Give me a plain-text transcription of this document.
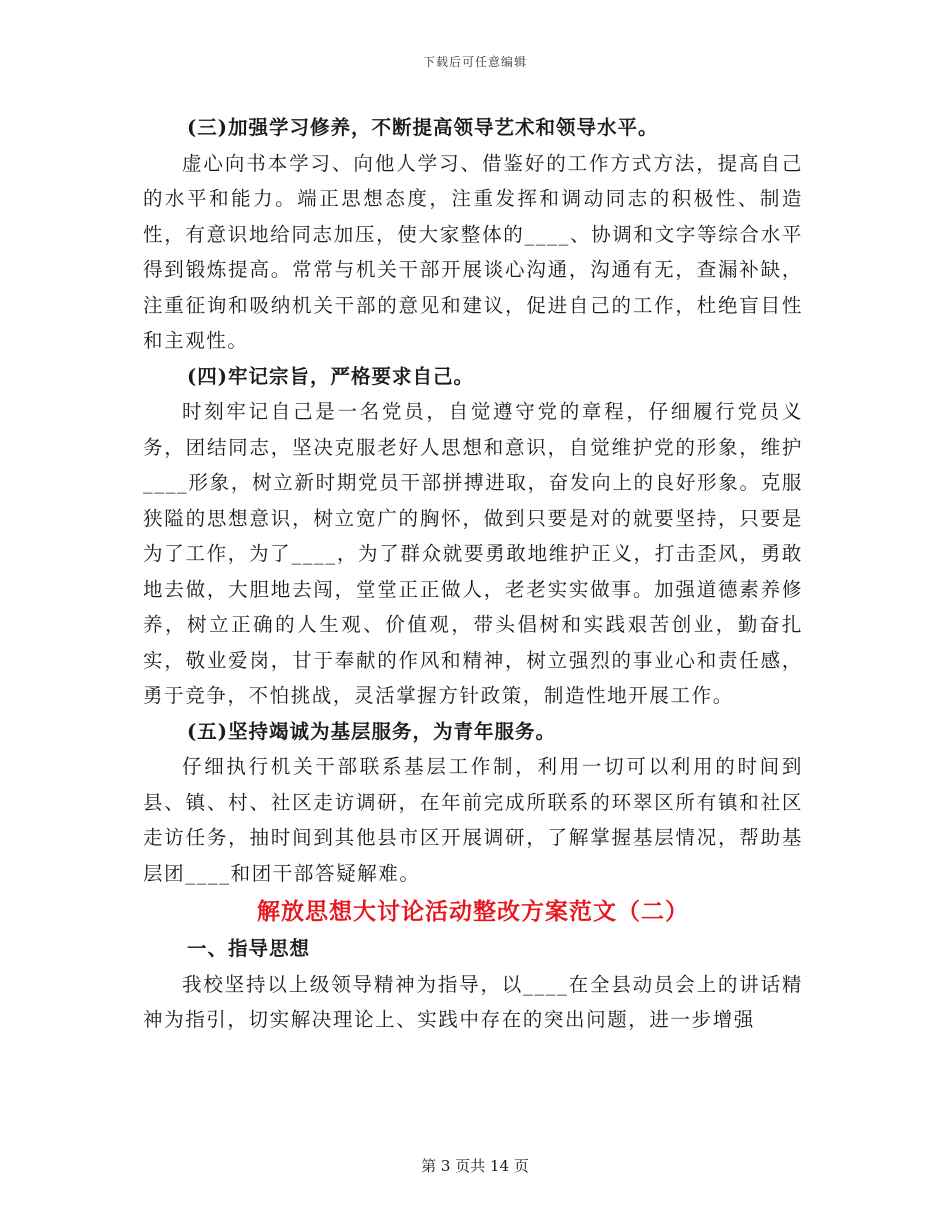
下载后可任意编辑

(三)加强学习修养，不断提高领导艺术和领导水平。

虚心向书本学习、向他人学习、借鉴好的工作方式方法，提高自己的水平和能力。端正思想态度，注重发挥和调动同志的积极性、制造性，有意识地给同志加压，使大家整体的____、协调和文字等综合水平得到锻炼提高。常常与机关干部开展谈心沟通，沟通有无，查漏补缺，注重征询和吸纳机关干部的意见和建议，促进自己的工作，杜绝盲目性和主观性。

(四)牢记宗旨，严格要求自己。

时刻牢记自己是一名党员，自觉遵守党的章程，仔细履行党员义务，团结同志，坚决克服老好人思想和意识，自觉维护党的形象，维护____形象，树立新时期党员干部拼搏进取，奋发向上的良好形象。克服狭隘的思想意识，树立宽广的胸怀，做到只要是对的就要坚持，只要是为了工作，为了____，为了群众就要勇敢地维护正义，打击歪风，勇敢地去做，大胆地去闯，堂堂正正做人，老老实实做事。加强道德素养修养，树立正确的人生观、价值观，带头倡树和实践艰苦创业，勤奋扎实，敬业爱岗，甘于奉献的作风和精神，树立强烈的事业心和责任感，勇于竞争，不怕挑战，灵活掌握方针政策，制造性地开展工作。

(五)坚持竭诚为基层服务，为青年服务。

仔细执行机关干部联系基层工作制，利用一切可以利用的时间到县、镇、村、社区走访调研，在年前完成所联系的环翠区所有镇和社区走访任务，抽时间到其他县市区开展调研，了解掌握基层情况，帮助基层团____和团干部答疑解难。

解放思想大讨论活动整改方案范文（二）

一、指导思想

我校坚持以上级领导精神为指导，以____在全县动员会上的讲话精神为指引，切实解决理论上、实践中存在的突出问题，进一步增强

第 3 页共 14 页
